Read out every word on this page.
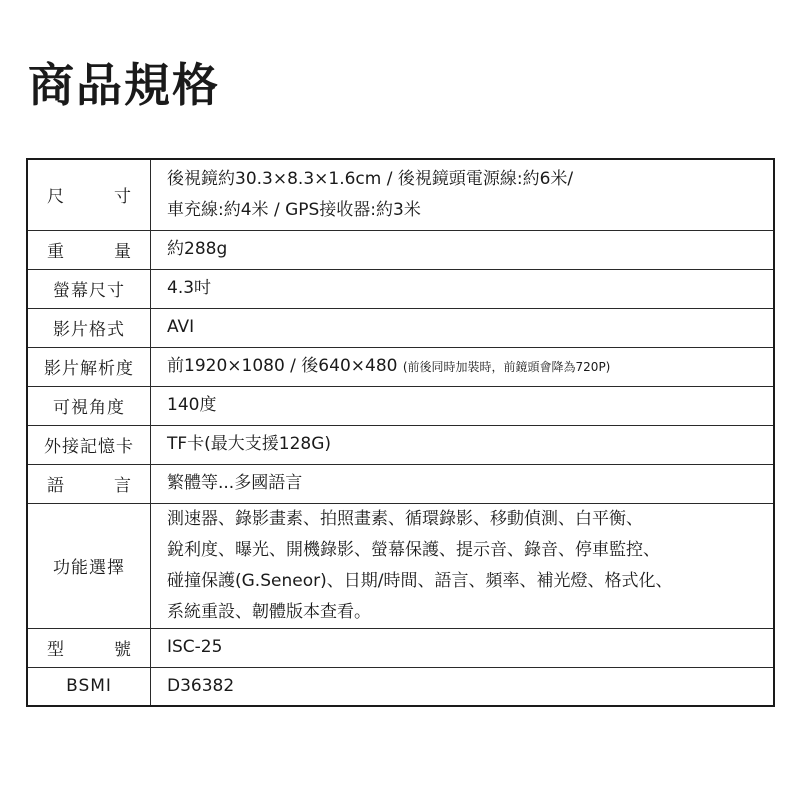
商品規格
尺寸	後視鏡約30.3×8.3×1.6cm / 後視鏡頭電源線:約6米/
車充線:約4米 / GPS接收器:約3米

重量	約288g
螢幕尺寸	4.3吋
影片格式	AVI
影片解析度	前1920×1080 / 後640×480 (前後同時加裝時，前鏡頭會降為720P)
可視角度	140度
外接記憶卡	TF卡(最大支援128G)
語言	繁體等...多國語言
功能選擇	測速器、錄影畫素、拍照畫素、循環錄影、移動偵測、白平衡、
銳利度、曝光、開機錄影、螢幕保護、提示音、錄音、停車監控、
碰撞保護(G.Seneor)、日期/時間、語言、頻率、補光燈、格式化、
系統重設、韌體版本查看。

型號	ISC-25
BSMI	D36382
